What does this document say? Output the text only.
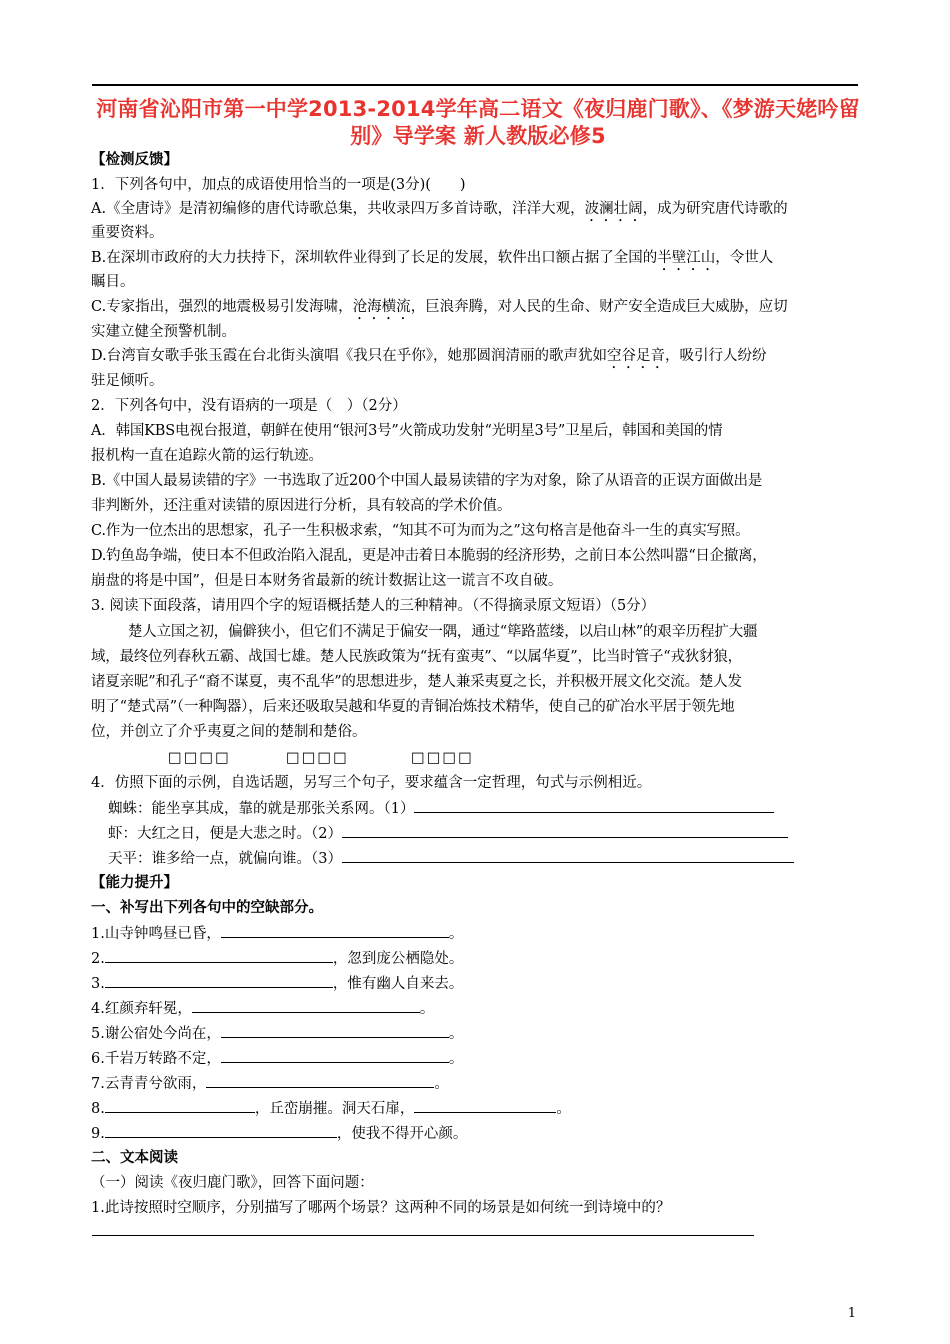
河南省沁阳市第一中学2013-2014学年高二语文《夜归鹿门歌》、《梦游天姥吟留
别》导学案 新人教版必修5
【检测反馈】
1．下列各句中，加点的成语使用恰当的一项是(3分)(　　)
A.《全唐诗》是清初编修的唐代诗歌总集，共收录四万多首诗歌，洋洋大观，波澜壮阔，成为研究唐代诗歌的
重要资料。
B.在深圳市政府的大力扶持下，深圳软件业得到了长足的发展，软件出口额占据了全国的半壁江山，令世人
瞩目。
C.专家指出，强烈的地震极易引发海啸，沧海横流，巨浪奔腾，对人民的生命、财产安全造成巨大威胁，应切
实建立健全预警机制。
D.台湾盲女歌手张玉霞在台北街头演唱《我只在乎你》，她那圆润清丽的歌声犹如空谷足音，吸引行人纷纷
驻足倾听。
2．下列各句中，没有语病的一项是（　）（2分）
A．韩国KBS电视台报道，朝鲜在使用“银河3号”火箭成功发射“光明星3号”卫星后，韩国和美国的情
报机构一直在追踪火箭的运行轨迹。
B.《中国人最易读错的字》一书选取了近200个中国人最易读错的字为对象，除了从语音的正误方面做出是
非判断外，还注重对读错的原因进行分析，具有较高的学术价值。
C.作为一位杰出的思想家，孔子一生积极求索，“知其不可为而为之”这句格言是他奋斗一生的真实写照。
D.钓鱼岛争端，使日本不但政治陷入混乱，更是冲击着日本脆弱的经济形势，之前日本公然叫嚣“日企撤离，
崩盘的将是中国”，但是日本财务省最新的统计数据让这一谎言不攻自破。
3. 阅读下面段落，请用四个字的短语概括楚人的三种精神。（不得摘录原文短语）（5分）
楚人立国之初，偏僻狭小，但它们不满足于偏安一隅，通过“筚路蓝缕，以启山林”的艰辛历程扩大疆
域，最终位列春秋五霸、战国七雄。楚人民族政策为“抚有蛮夷”、“以属华夏”，比当时管子“戎狄豺狼，
诸夏亲昵”和孔子“裔不谋夏，夷不乱华”的思想进步，楚人兼采夷夏之长，并积极开展文化交流。楚人发
明了“楚式鬲”（一种陶器），后来还吸取吴越和华夏的青铜冶炼技术精华，使自己的矿冶水平居于领先地
位，并创立了介乎夷夏之间的楚制和楚俗。
□□□□	□□□□	□□□□
4．仿照下面的示例，自选话题，另写三个句子，要求蕴含一定哲理，句式与示例相近。
蜘蛛：能坐享其成，靠的就是那张关系网。（1）
虾：大红之日，便是大悲之时。（2）
天平：谁多给一点，就偏向谁。（3）
【能力提升】
一、补写出下列各句中的空缺部分。
1.山寺钟鸣昼已昏，	。
2.	，忽到庞公栖隐处。
3.	，惟有幽人自来去。
4.红颜弃轩冕，	。
5.谢公宿处今尚在，	。
6.千岩万转路不定，	。
7.云青青兮欲雨，	。
8.	，丘峦崩摧。洞天石扉，	。
9.	，使我不得开心颜。
二、文本阅读
（一）阅读《夜归鹿门歌》，回答下面问题：
1.此诗按照时空顺序，分别描写了哪两个场景？这两种不同的场景是如何统一到诗境中的？
1
